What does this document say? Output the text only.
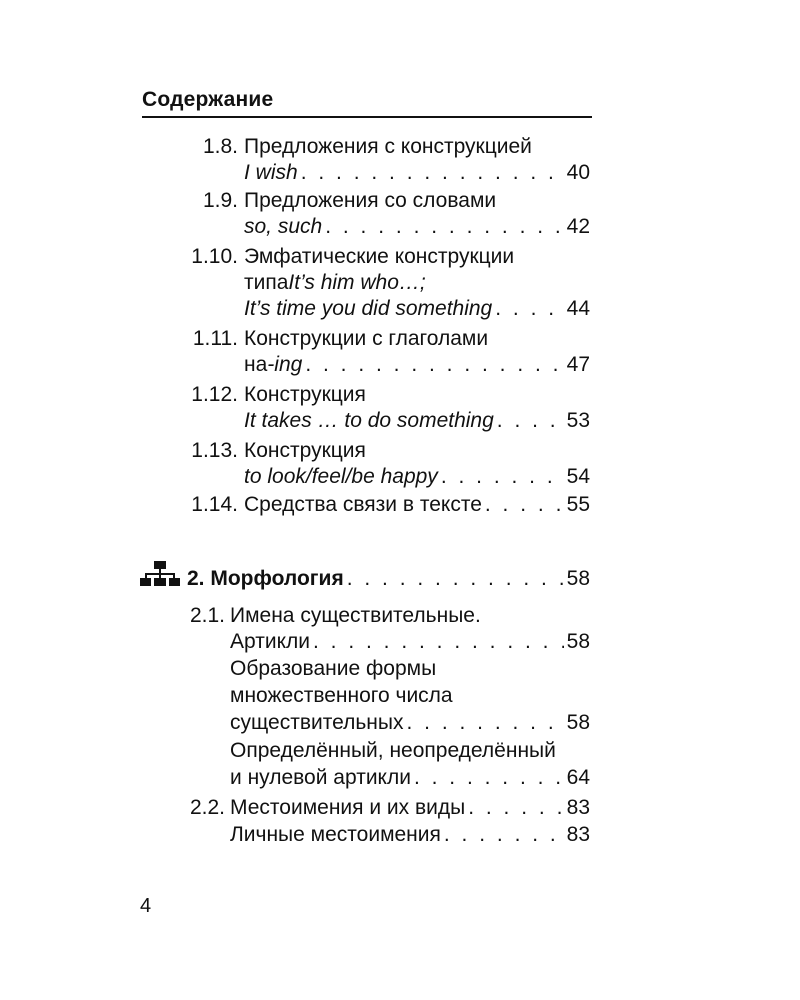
Содержание
1.8. Предложения с конструкцией
I wish . . .	40
1.9. Предложения со словами
so, such . . .	42
1.10. Эмфатические конструкции
типа It’s him who…;
It’s time you did something . . .	44
1.11. Конструкции с глаголами
на -ing . . .	47
1.12. Конструкция
It takes … to do something . . .	53
1.13. Конструкция
to look/feel/be happy . . .	54
1.14. Средства связи в тексте . . .	55
2. Морфология . . .	58
2.1. Имена существительные.
Артикли . . .	58
Образование формы
множественного числа
существительных . . .	58
Определённый, неопределённый
и нулевой артикли . . .	64
2.2. Местоимения и их виды . . .	83
Личные местоимения . . .	83
4
